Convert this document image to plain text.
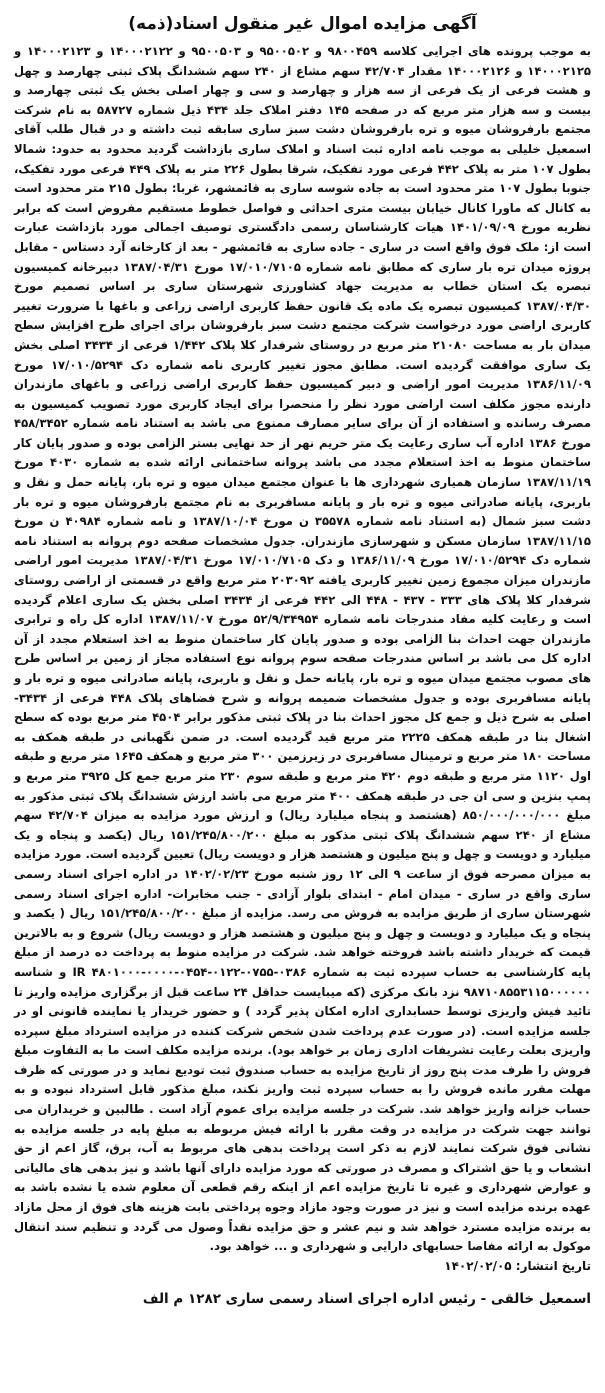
آگهی مزایده اموال غیر منقول اسناد(ذمه)

به موجب پرونده های اجرایی کلاسه ۹۸۰۰۴۵۹ و ۹۵۰۰۵۰۲ و ۹۵۰۰۵۰۳ و ۱۴۰۰۰۲۱۲۲ و ۱۴۰۰۰۲۱۲۳ و ۱۴۰۰۰۲۱۲۵ و ۱۴۰۰۰۲۱۲۶ مقدار ۴۲/۷۰۴ سهم مشاع از ۲۴۰ سهم ششدانگ پلاک ثبتی چهارصد و چهل و هشت فرعی از یک فرعی از سه هزار و چهارصد و سی و چهار اصلی بخش یک ثبتی چهارصد و بیست و سه هزار متر مربع که در صفحه ۱۴۵ دفتر املاک جلد ۴۳۴ ذیل شماره ۵۸۷۲۷ به نام شرکت مجتمع بارفروشان میوه و تره بارفروشان دشت سبز ساری سابقه ثبت داشته و در قبال طلب آقای اسمعیل خلیلی به موجب نامه اداره ثبت اسناد و املاک ساری بازداشت گردید محدود به حدود: شمالا بطول ۱۰۷ متر به پلاک ۴۴۲ فرعی مورد تفکیک، شرقا بطول ۲۲۶ متر به پلاک ۴۴۹ فرعی مورد تفکیک، جنوبا بطول ۱۰۷ متر محدود است به جاده شوسه ساری به قائمشهر، غربا: بطول ۲۱۵ متر محدود است به کانال که ماورا کانال خیابان بیست متری احداثی و فواصل خطوط مستقیم مفروض است که برابر نظریه مورخ ۱۴۰۱/۰۹/۰۹ هیات کارشناسان رسمی دادگستری توصیف اجمالی مورد بازداشت عبارت است از: ملک فوق واقع است در ساری - جاده ساری به قائمشهر - بعد از کارخانه آرد دستاس - مقابل پروژه میدان تره بار ساری که مطابق نامه شماره ۱۷/۰۱۰/۷۱۰۵ مورخ ۱۳۸۷/۰۴/۳۱ دبیرخانه کمیسیون تبصره یک استان خطاب به مدیریت جهاد کشاورزی شهرستان ساری بر اساس تصمیم مورخ ۱۳۸۷/۰۴/۳۰ کمیسیون تبصره یک ماده یک قانون حفظ کاربری اراضی زراعی و باغها با ضرورت تغییر کاربری اراضی مورد درخواست شرکت مجتمع دشت سبز بارفروشان برای اجرای طرح افزایش سطح میدان بار به مساحت ۲۱۰۸۰ متر مربع در روستای شرفدار کلا پلاک ۱/۴۴۲ فرعی از ۳۴۳۴ اصلی بخش یک ساری موافقت گردیده است. مطابق مجوز تغییر کاربری نامه شماره دک ۱۷/۰۱۰/۵۲۹۴ مورخ ۱۳۸۶/۱۱/۰۹ مدیریت امور اراضی و دبیر کمیسیون حفظ کاربری اراضی زراعی و باغهای مازندران دارنده مجوز مکلف است اراضی مورد نظر را منحصرا برای ایجاد کاربری مورد تصویب کمیسیون به مصرف رسانده و استفاده از آن برای سایر مصارف ممنوع می باشد به استناد نامه شماره ۴۵۸/۳۴۵۲ مورخ ۱۳۸۶ اداره آب ساری رعایت یک متر حریم نهر از حد نهایی بستر الزامی بوده و صدور پایان کار ساختمان منوط به اخذ استعلام مجدد می باشد پروانه ساختمانی ارائه شده به شماره ۴۰۳۰ مورخ ۱۳۸۷/۱۱/۱۹ سازمان همیاری شهرداری ها با عنوان مجتمع میدان میوه و تره بار، پایانه حمل و نقل و باربری، پایانه صادراتی میوه و تره بار و پایانه مسافربری به نام مجتمع بارفروشان میوه و تره بار دشت سبز شمال (به استناد نامه شماره ۳۵۵۷۸ ن مورخ ۱۳۸۷/۱۰/۰۴ و نامه شماره ۴۰۹۸۴ ن مورخ ۱۳۸۷/۱۱/۱۵ سازمان مسکن و شهرسازی مازندران. جدول مشخصات صفحه دوم پروانه به استناد نامه شماره دک ۱۷/۰۱۰/۵۲۹۴ مورخ ۱۳۸۶/۱۱/۰۹ و دک ۱۷/۰۱۰/۷۱۰۵ مورخ ۱۳۸۷/۰۴/۳۱ مدیریت امور اراضی مازندران میزان مجموع زمین تغییر کاربری یافته ۲۰۳۰۹۲ متر مربع واقع در قسمتی از اراضی روستای شرفدار کلا پلاک های ۳۳۳ - ۴۳۷ - ۴۴۸ الی ۴۴۲ فرعی از ۳۴۳۴ اصلی بخش یک ساری اعلام گردیده است و رعایت کلیه مفاد مندرجات نامه شماره ۵۲/۹/۳۴۹۵۴ مورخ ۱۳۸۷/۱۱/۰۷ اداره کل راه و ترابری مازندران جهت احداث بنا الزامی بوده و صدور پایان کار ساختمان منوط به اخذ استعلام مجدد از آن اداره کل می باشد بر اساس مندرجات صفحه سوم پروانه نوع استفاده مجاز از زمین بر اساس طرح های مصوب مجتمع میدان میوه و تره بار، پایانه حمل و نقل و باربری، پایانه صادراتی میوه و تره بار و پایانه مسافربری بوده و جدول مشخصات ضمیمه پروانه و شرح فضاهای پلاک ۴۴۸ فرعی از ۳۴۳۴- اصلی به شرح ذیل و جمع کل مجوز احداث بنا در پلاک ثبتی مذکور برابر ۴۵۰۴ متر مربع بوده که سطح اشغال بنا در طبقه همکف ۲۲۲۵ متر مربع قید گردیده است. در ضمن نگهبانی در طبقه همکف به مساحت ۱۸۰ متر مربع و ترمینال مسافربری در زیرزمین ۳۰۰ متر مربع و همکف ۱۶۴۵ متر مربع و طبقه اول ۱۱۲۰ متر مربع و طبقه دوم ۴۲۰ متر مربع و طبقه سوم ۲۳۰ متر مربع جمع کل ۳۹۲۵ متر مربع و پمپ بنزین و سی ان جی در طبقه همکف ۴۰۰ متر مربع می باشد ارزش ششدانگ پلاک ثبتی مذکور به مبلغ ۸۵۰/۰۰۰/۰۰۰/۰۰۰ (هشتصد و پنجاه میلیارد ریال) و ارزش مورد مزایده به میزان ۴۲/۷۰۴ سهم مشاع از ۲۴۰ سهم ششدانگ پلاک ثبتی مذکور به مبلغ ۱۵۱/۲۴۵/۸۰۰/۲۰۰ ریال (یکصد و پنجاه و یک میلیارد و دویست و چهل و پنج میلیون و هشتصد هزار و دویست ریال) تعیین گردیده است. مورد مزایده به میزان مصرحه فوق از ساعت ۹ الی ۱۲ روز شنبه مورخ ۱۴۰۲/۰۲/۲۳ در اداره اجرای اسناد رسمی ساری واقع در ساری - میدان امام - ابتدای بلوار آزادی - جنب مخابرات- اداره اجرای اسناد رسمی شهرستان ساری از طریق مزایده به فروش می رسد. مزایده از مبلغ ۱۵۱/۲۴۵/۸۰۰/۲۰۰ ریال ( یکصد و پنجاه و یک میلیارد و دویست و چهل و پنج میلیون و هشتصد هزار و دویست ریال) شروع و به بالاترین قیمت که خریدار داشته باشد فروخته خواهد شد. شرکت در مزایده منوط به پرداخت ده درصد از مبلغ پایه کارشناسی به حساب سپرده ثبت به شماره ۰۳۸۶-۰۷۵۵-۰۱۲۲-۰۴۵۴-۰۰۰۰-IR ۴۸۰۱۰۰۰ و شناسه ۹۸۷۱۰۸۵۵۳۱۱۵۰۰۰۰۰۰ نزد بانک مرکزی (که میبایست حداقل ۲۴ ساعت قبل از برگزاری مزایده واریز تا تائید فیش واریزی توسط حسابداری اداره امکان پذیر گردد ) و حضور خریدار یا نماینده قانونی او در جلسه مزایده است. (در صورت عدم پرداخت شدن شخص شرکت کننده در مزایده استرداد مبلغ سپرده واریزی بعلت رعایت تشریفات اداری زمان بر خواهد بود). برنده مزایده مکلف است ما به التفاوت مبلغ فروش را ظرف مدت پنج روز از تاریخ مزایده به حساب صندوق ثبت تودیع نماید و در صورتی که ظرف مهلت مقرر مانده فروش را به حساب سپرده ثبت واریز نکند، مبلغ مذکور قابل استرداد نبوده و به حساب خزانه واریز خواهد شد. شرکت در جلسه مزایده برای عموم آزاد است . طالبین و خریداران می توانند جهت شرکت در مزایده در وقت مقرر با ارائه فیش مربوطه به مبلغ پایه در جلسه مزایده به نشانی فوق شرکت نمایند لازم به ذکر است پرداخت بدهی های مربوط به آب، برق، گاز اعم از حق انشعاب و یا حق اشتراک و مصرف در صورتی که مورد مزایده دارای آنها باشد و نیز بدهی های مالیاتی و عوارض شهرداری و غیره تا تاریخ مزایده اعم از اینکه رقم قطعی آن معلوم شده یا نشده باشد به عهده برنده مزایده است و نیز در صورت وجود مازاد وجوه پرداختی بابت هزینه های فوق از محل مازاد به برنده مزایده مسترد خواهد شد و نیم عشر و حق مزایده نقداً وصول می گردد و تنظیم سند انتقال موکول به ارائه مفاصا حسابهای دارایی و شهرداری و ... خواهد بود.

تاریخ انتشار: ۱۴۰۲/۰۲/۰۵
اسمعیل خالقی - رئیس اداره اجرای اسناد رسمی ساری ۱۲۸۲ م الف
